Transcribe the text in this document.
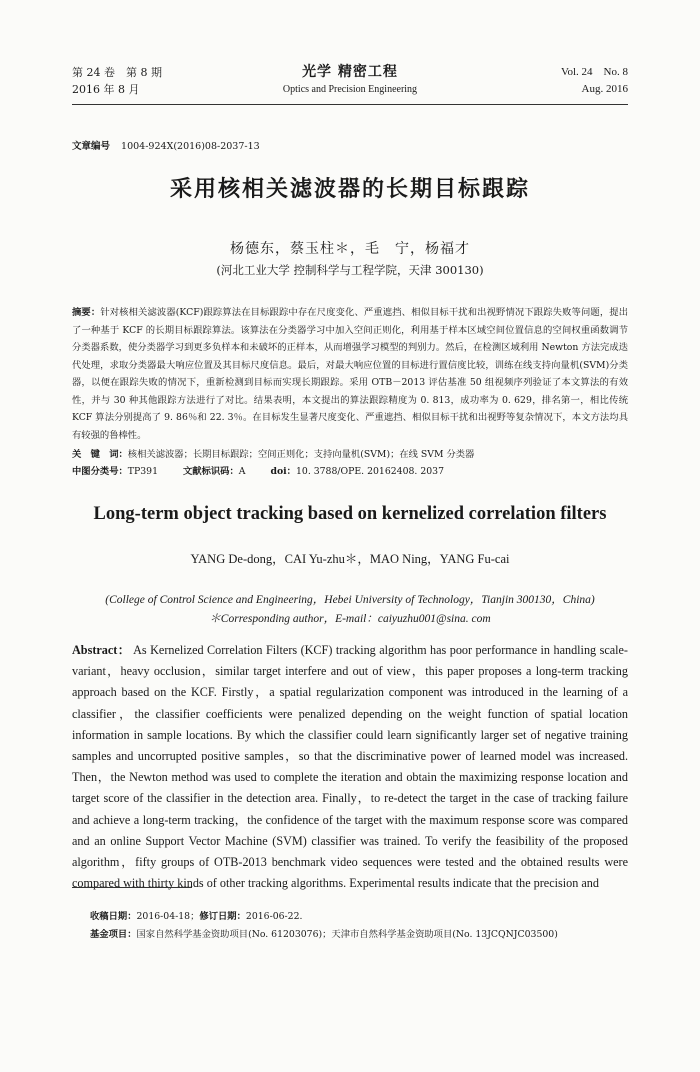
第 24 卷　第 8 期
2016 年 8 月
光学 精密工程
Optics and Precision Engineering
Vol. 24　No. 8
Aug. 2016
文章编号 1004-924X(2016)08-2037-13
采用核相关滤波器的长期目标跟踪
杨德东，蔡玉柱＊，毛　宁，杨福才
(河北工业大学 控制科学与工程学院，天津 300130)
摘要：针对核相关滤波器(KCF)跟踪算法在目标跟踪中存在尺度变化、严重遮挡、相似目标干扰和出视野情况下跟踪失败等问题，提出了一种基于 KCF 的长期目标跟踪算法。该算法在分类器学习中加入空间正则化，利用基于样本区域空间位置信息的空间权重函数调节分类器系数，使分类器学习到更多负样本和未破坏的正样本，从而增强学习模型的判别力。然后，在检测区域利用 Newton 方法完成迭代处理，求取分类器最大响应位置及其目标尺度信息。最后，对最大响应位置的目标进行置信度比较，训练在线支持向量机(SVM)分类器，以便在跟踪失败的情况下，重新检测到目标而实现长期跟踪。采用 OTB－2013 评估基准 50 组视频序列验证了本文算法的有效性，并与 30 种其他跟踪方法进行了对比。结果表明，本文提出的算法跟踪精度为 0. 813，成功率为 0. 629，排名第一，相比传统 KCF 算法分别提高了 9. 86％和 22. 3％。在目标发生显著尺度变化、严重遮挡、相似目标干扰和出视野等复杂情况下，本文方法均具有较强的鲁棒性。
关　键　词：核相关滤波器；长期目标跟踪；空间正则化；支持向量机(SVM)；在线 SVM 分类器
中图分类号：TP391	文献标识码：A	doi：10. 3788/OPE. 20162408. 2037
Long-term object tracking based on kernelized correlation filters
YANG De-dong，CAI Yu-zhu＊，MAO Ning，YANG Fu-cai
(College of Control Science and Engineering，Hebei University of Technology，Tianjin 300130，China)
＊Corresponding author，E-mail：caiyuzhu001@sina. com
Abstract： As Kernelized Correlation Filters (KCF) tracking algorithm has poor performance in handling scale-variant，heavy occlusion，similar target interfere and out of view，this paper proposes a long-term tracking approach based on the KCF. Firstly，a spatial regularization component was introduced in the learning of a classifier，the classifier coefficients were penalized depending on the weight function of spatial location information in sample locations. By which the classifier could learn significantly larger set of negative training samples and uncorrupted positive samples，so that the discriminative power of learned model was increased. Then，the Newton method was used to complete the iteration and obtain the maximizing response location and target score of the classifier in the detection area. Finally，to re-detect the target in the case of tracking failure and achieve a long-term tracking，the confidence of the target with the maximum response score was compared and an online Support Vector Machine (SVM) classifier was trained. To verify the feasibility of the proposed algorithm，fifty groups of OTB-2013 benchmark video sequences were tested and the obtained results were compared with thirty kinds of other tracking algorithms. Experimental results indicate that the precision and
收稿日期：2016-04-18；修订日期：2016-06-22.
基金项目：国家自然科学基金资助项目(No. 61203076)；天津市自然科学基金资助项目(No. 13JCQNJC03500)
